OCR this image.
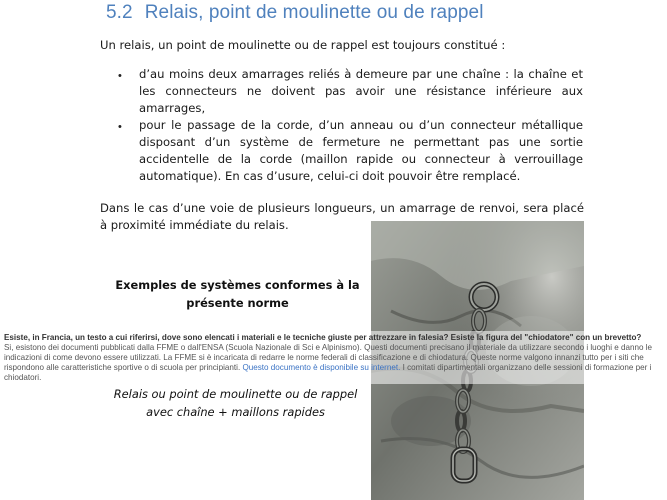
5.2 Relais, point de moulinette ou de rappel
Un relais, un point de moulinette ou de rappel est toujours constitué :
• d’au moins deux amarrages reliés à demeure par une chaîne : la chaîne et les connecteurs ne doivent pas avoir une résistance inférieure aux amarrages,
• pour le passage de la corde, d’un anneau ou d’un connecteur métallique disposant d’un système de fermeture ne permettant pas une sortie accidentelle de la corde (maillon rapide ou connecteur à verrouillage automatique). En cas d’usure, celui-ci doit pouvoir être remplacé.
Dans le cas d’une voie de plusieurs longueurs, un amarrage de renvoi, sera placé à proximité immédiate du relais.
Exemples de systèmes conformes à la présente norme
Relais ou point de moulinette ou de rappel avec chaîne + maillons rapides
Esiste, in Francia, un testo a cui riferirsi, dove sono elencati i materiali e le tecniche giuste per attrezzare in falesia? Esiste la figura del "chiodatore" con un brevetto?
Si, esistono dei documenti pubblicati dalla FFME o dall'ENSA (Scuola Nazionale di Sci e Alpinismo). Questi documenti precisano il materiale da utilizzare secondo i luoghi e danno le indicazioni di come devono essere utilizzati. La FFME si è incaricata di redarre le norme federali di classificazione e di chiodatura. Queste norme valgono innanzi tutto per i siti che rispondono alle caratteristiche sportive o di scuola per principianti. Questo documento è disponibile su internet. I comitati dipartimentali organizzano delle sessioni di formazione per i chiodatori.
